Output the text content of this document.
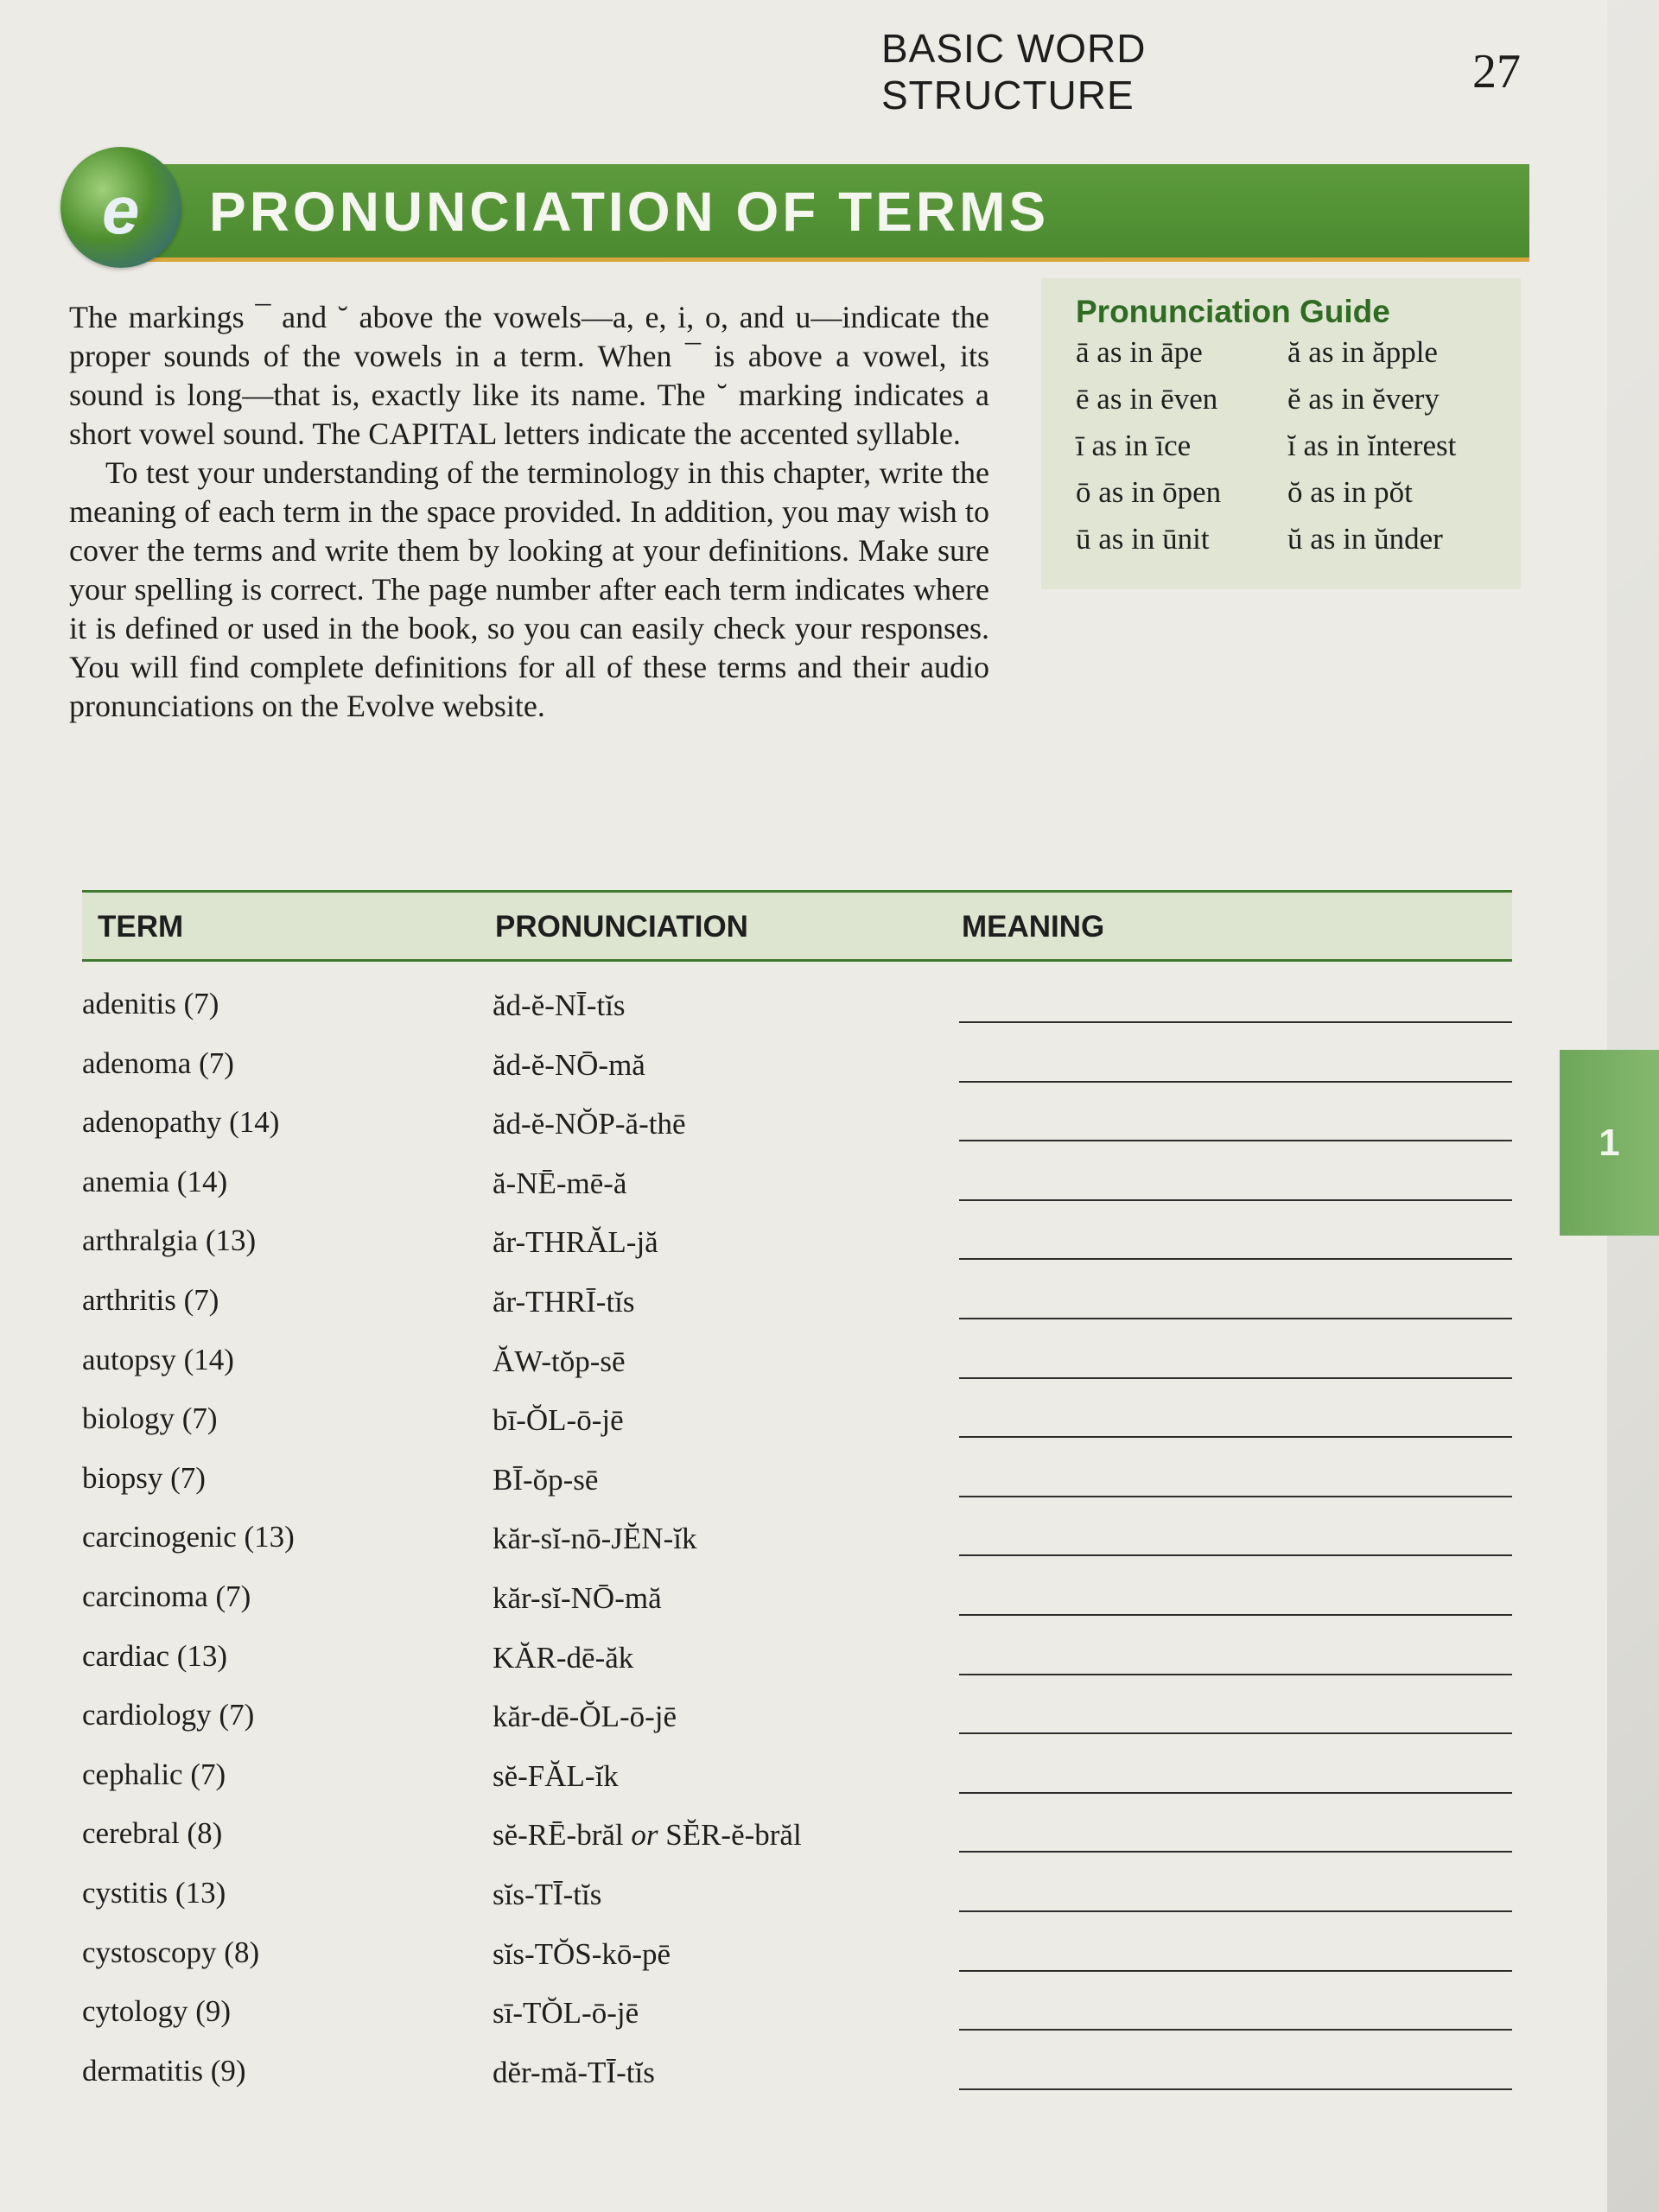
BASIC WORD STRUCTURE	27
PRONUNCIATION OF TERMS
e

The markings ¯ and ˘ above the vowels—a, e, i, o, and u—indicate the proper sounds of the vowels in a term. When ¯ is above a vowel, its sound is long—that is, exactly like its name. The ˘ marking indicates a short vowel sound. The CAPITAL letters indicate the accented syllable.

To test your understanding of the terminology in this chapter, write the meaning of each term in the space provided. In addition, you may wish to cover the terms and write them by looking at your definitions. Make sure your spelling is correct. The page number after each term indicates where it is defined or used in the book, so you can easily check your responses. You will find complete definitions for all of these terms and their audio pronunciations on the Evolve website.

Pronunciation Guide
ā as in āpe	ă as in ăpple
ē as in ēven	ĕ as in ĕvery
ī as in īce	ĭ as in ĭnterest
ō as in ōpen	ŏ as in pŏt
ū as in ūnit	ŭ as in ŭnder
TERM	PRONUNCIATION	MEANING
adenitis (7)	ăd-ĕ-NĪ-tĭs
adenoma (7)	ăd-ĕ-NŌ-mă
adenopathy (14)	ăd-ĕ-NŎP-ă-thē
anemia (14)	ă-NĒ-mē-ă
arthralgia (13)	ăr-THRĂL-jă
arthritis (7)	ăr-THRĪ-tĭs
autopsy (14)	ĂW-tŏp-sē
biology (7)	bī-ŎL-ō-jē
biopsy (7)	BĪ-ŏp-sē
carcinogenic (13)	kăr-sĭ-nō-JĔN-ĭk
carcinoma (7)	kăr-sĭ-NŌ-mă
cardiac (13)	KĂR-dē-ăk
cardiology (7)	kăr-dē-ŎL-ō-jē
cephalic (7)	sĕ-FĂL-ĭk
cerebral (8)	sĕ-RĒ-brăl or SĔR-ĕ-brăl
cystitis (13)	sĭs-TĪ-tĭs
cystoscopy (8)	sĭs-TŎS-kō-pē
cytology (9)	sī-TŎL-ō-jē
dermatitis (9)	dĕr-mă-TĪ-tĭs
1
